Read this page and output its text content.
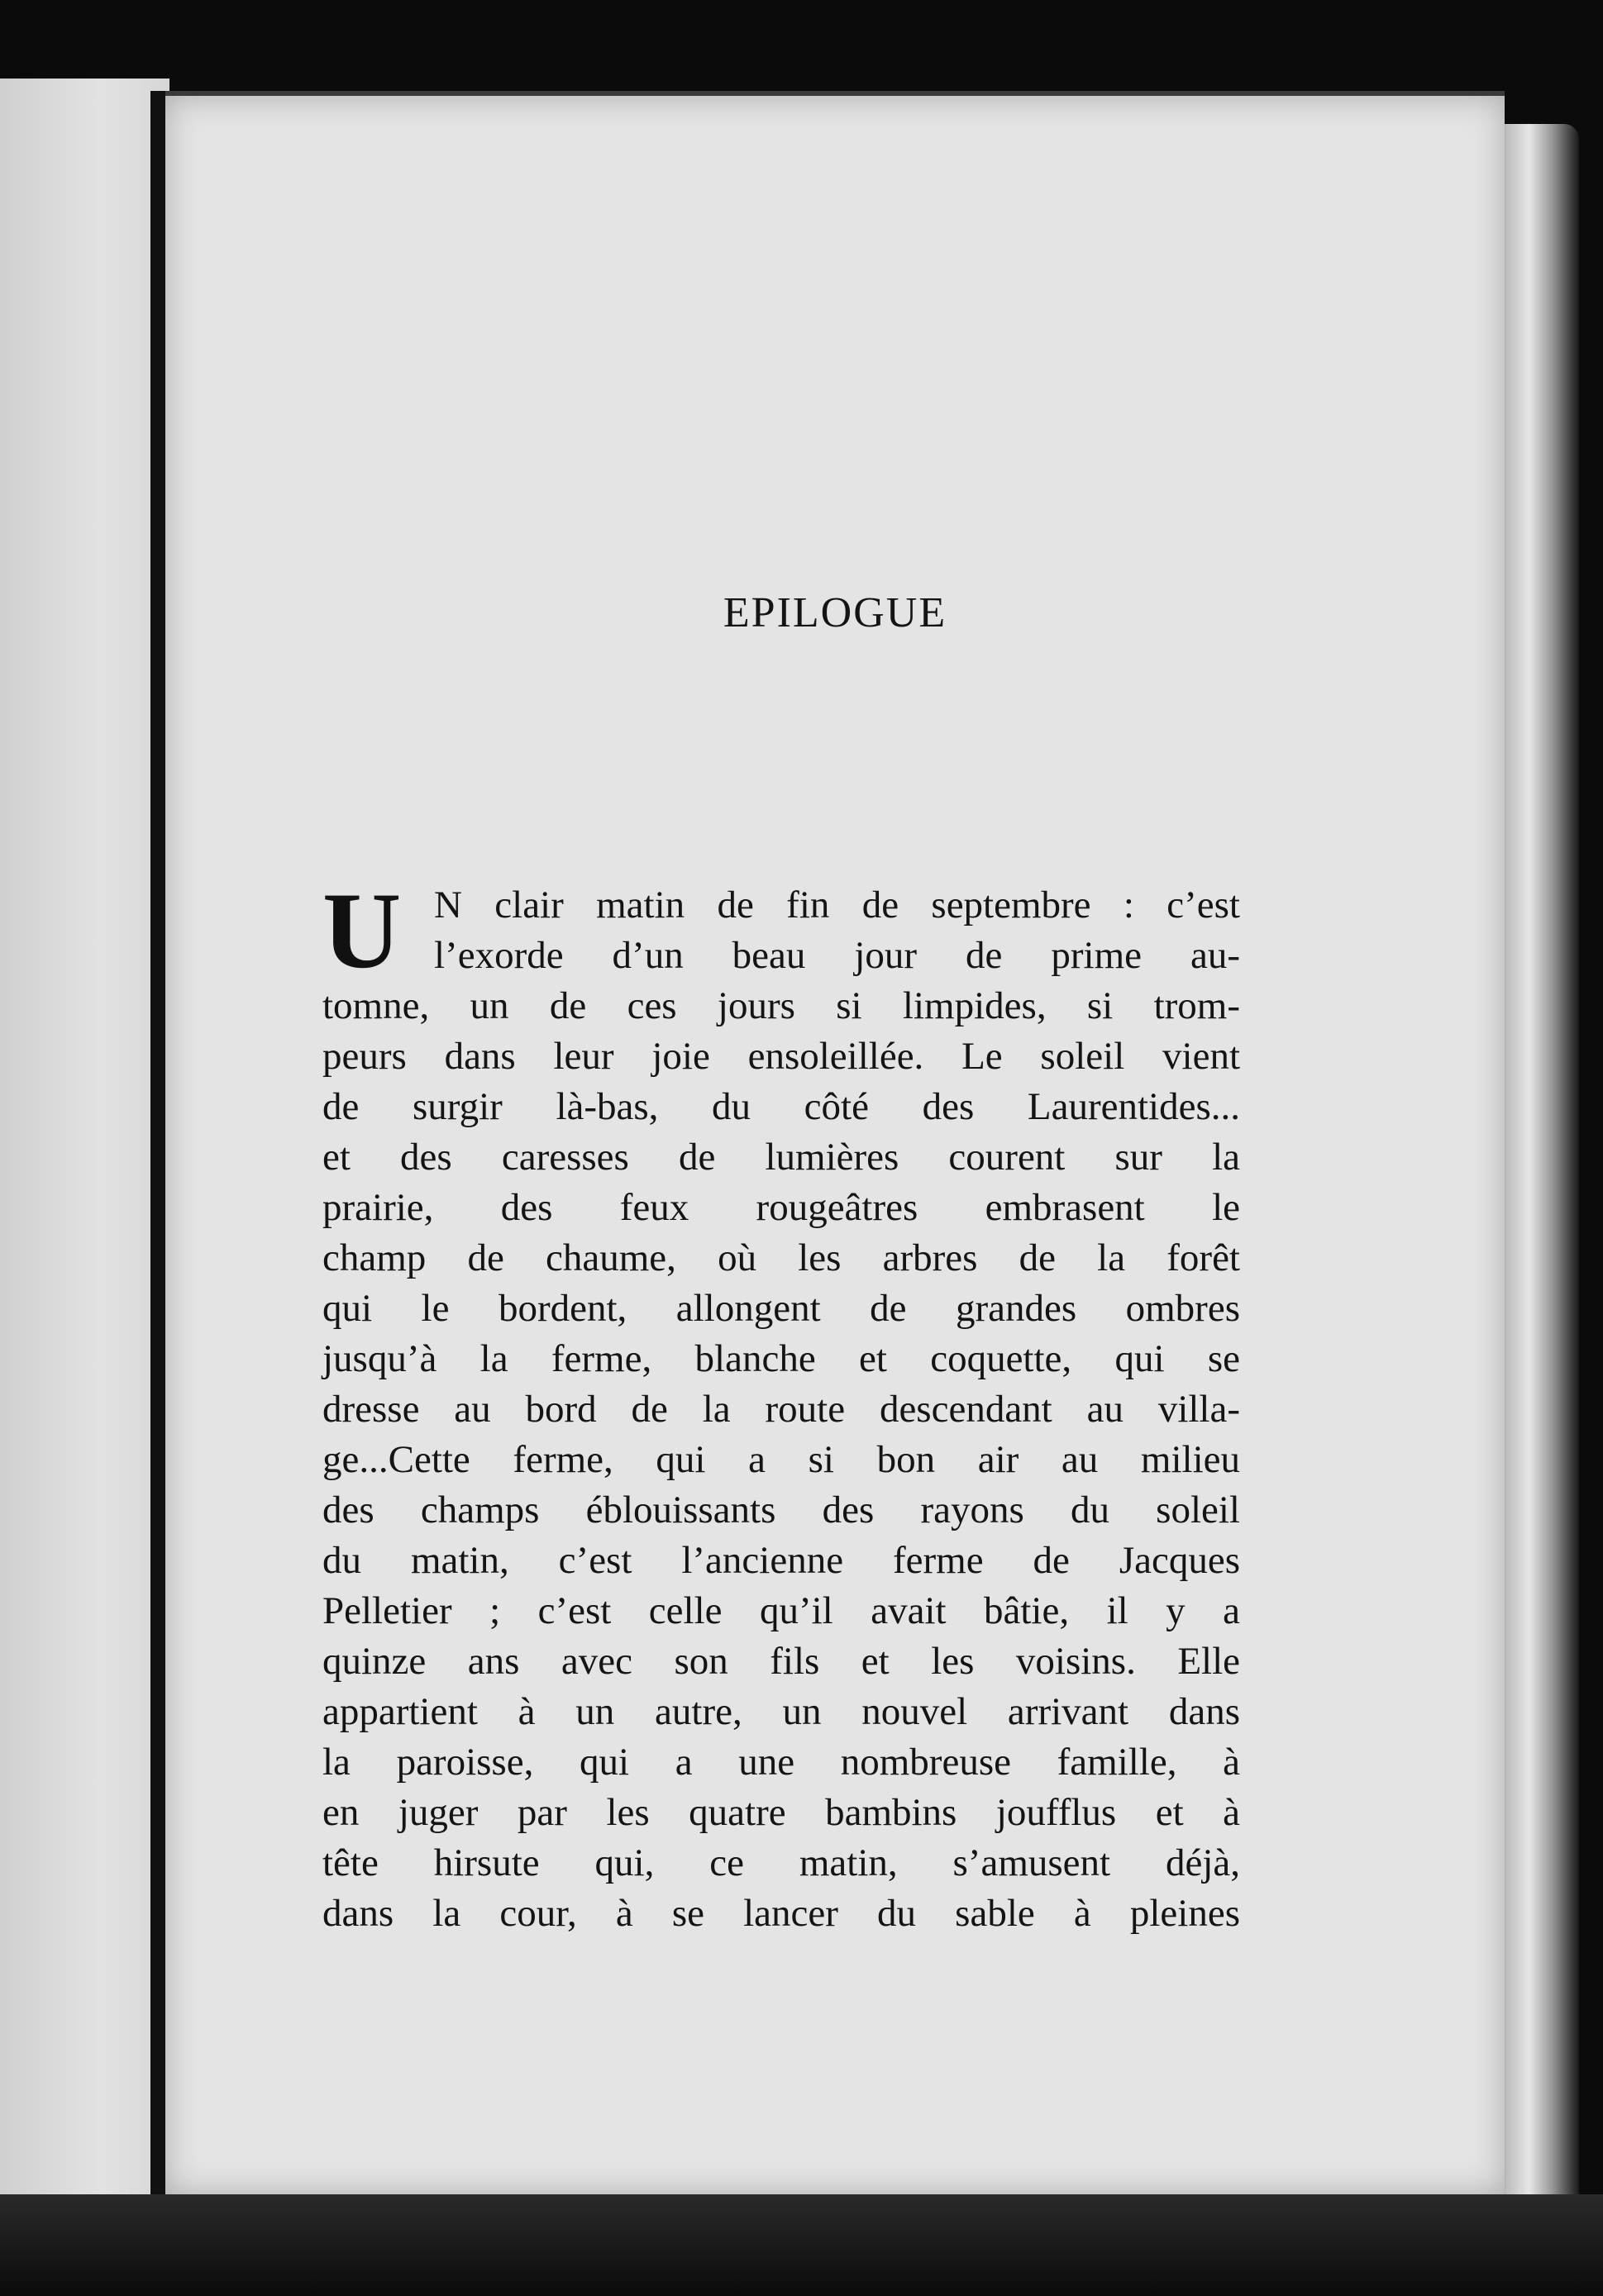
EPILOGUE
U N clair matin de fin de septembre : c’est
l’exorde d’un beau jour de prime au-
tomne, un de ces jours si limpides, si trom-
peurs dans leur joie ensoleillée. Le soleil vient
de surgir là-bas, du côté des Laurentides...
et des caresses de lumières courent sur la
prairie, des feux rougeâtres embrasent le
champ de chaume, où les arbres de la forêt
qui le bordent, allongent de grandes ombres
jusqu’à la ferme, blanche et coquette, qui se
dresse au bord de la route descendant au villa-
ge...Cette ferme, qui a si bon air au milieu
des champs éblouissants des rayons du soleil
du matin, c’est l’ancienne ferme de Jacques
Pelletier ; c’est celle qu’il avait bâtie, il y a
quinze ans avec son fils et les voisins. Elle
appartient à un autre, un nouvel arrivant dans
la paroisse, qui a une nombreuse famille, à
en juger par les quatre bambins joufflus et à
tête hirsute qui, ce matin, s’amusent déjà,
dans la cour, à se lancer du sable à pleines
